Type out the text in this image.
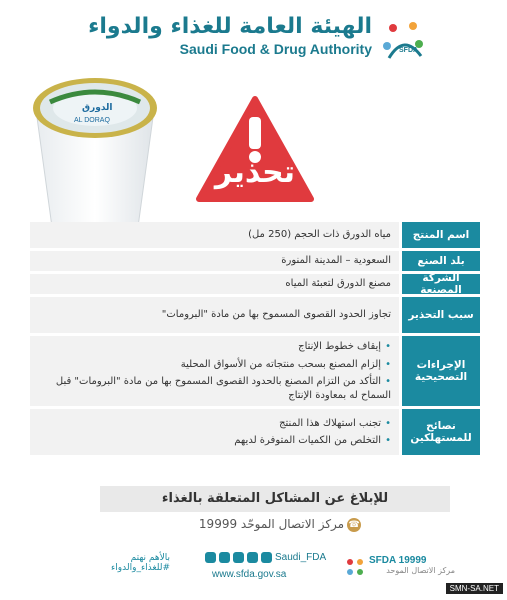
الهيئة العامة للغذاء والدواء
Saudi Food & Drug Authority	SFDA
الدورق
AL DORAQ
تحذير
اسم المنتج
مياه الدورق ذات الحجم (250 مل)
بلد الصنع
السعودية – المدينة المنورة
الشركة المصنعة
مصنع الدورق لتعبئة المياه
سبب التحذير
تجاوز الحدود القصوى المسموح بها من مادة "البرومات"
الإجراءات التصحيحية
• إيقاف خطوط الإنتاج
• إلزام المصنع بسحب منتجاته من الأسواق المحلية
• التأكد من التزام المصنع بالحدود القصوى المسموح بها من مادة "البرومات" قبل السماح له بمعاودة الإنتاج
نصائح للمستهلكين
• تجنب استهلاك هذا المنتج
• التخلص من الكميات المتوفرة لديهم
للإبلاغ عن المشاكل المتعلقة بالغذاء
☎مركز الاتصال الموحّد 19999
بالأهم نهتم
#للغذاء_والدواء
Saudi_FDA
www.sfda.gov.sa
SFDA 19999
مركز الاتصال الموحد
SMN-SA.NET
